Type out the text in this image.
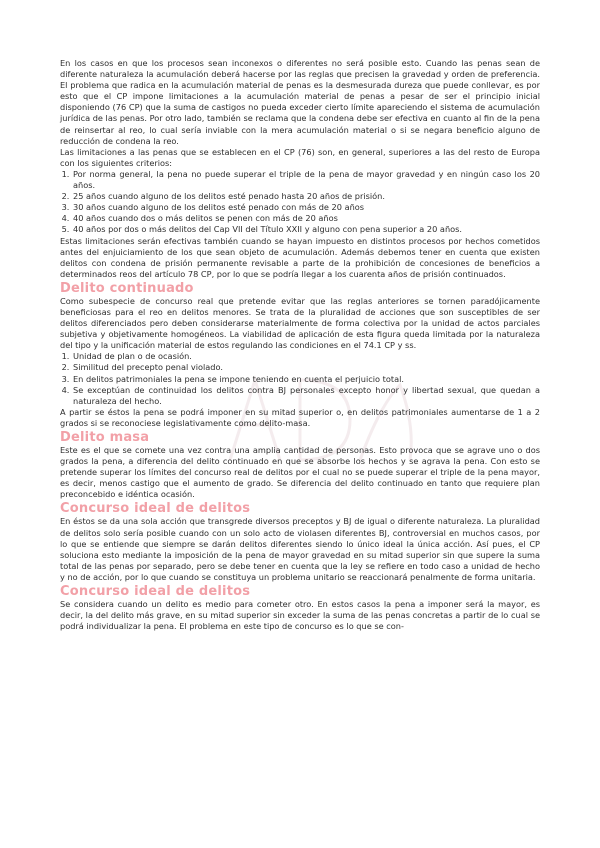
En los casos en que los procesos sean inconexos o diferentes no será posible esto. Cuando las penas sean de diferente naturaleza la acumulación deberá hacerse por las reglas que precisen la gravedad y orden de preferencia. El problema que radica en la acumulación material de penas es la desmesurada dureza que puede conllevar, es por esto que el CP impone limitaciones a la acumulación material de penas a pesar de ser el principio inicial disponiendo (76 CP) que la suma de castigos no pueda exceder cierto límite apareciendo el sistema de acumulación jurídica de las penas. Por otro lado, también se reclama que la condena debe ser efectiva en cuanto al fin de la pena de reinsertar al reo, lo cual sería inviable con la mera acumulación material o si se negara beneficio alguno de reducción de condena la reo.

Las limitaciones a las penas que se establecen en el CP (76) son, en general, superiores a las del resto de Europa con los siguientes criterios:

1. Por norma general, la pena no puede superar el triple de la pena de mayor gravedad y en ningún caso los 20 años.
2. 25 años cuando alguno de los delitos esté penado hasta 20 años de prisión.
3. 30 años cuando alguno de los delitos esté penado con más de 20 años
4. 40 años cuando dos o más delitos se penen con más de 20 años
5. 40 años por dos o más delitos del Cap VII del Título XXII y alguno con pena superior a 20 años.

Estas limitaciones serán efectivas también cuando se hayan impuesto en distintos procesos por hechos cometidos antes del enjuiciamiento de los que sean objeto de acumulación. Además debemos tener en cuenta que existen delitos con condena de prisión permanente revisable a parte de la prohibición de concesiones de beneficios a determinados reos del artículo 78 CP, por lo que se podría llegar a los cuarenta años de prisión continuados.

Delito continuado

Como subespecie de concurso real que pretende evitar que las reglas anteriores se tornen paradójicamente beneficiosas para el reo en delitos menores. Se trata de la pluralidad de acciones que son susceptibles de ser delitos diferenciados pero deben considerarse materialmente de forma colectiva por la unidad de actos parciales subjetiva y objetivamente homogéneos. La viabilidad de aplicación de esta figura queda limitada por la naturaleza del tipo y la unificación material de estos regulando las condiciones en el 74.1 CP y ss.

1. Unidad de plan o de ocasión.
2. Similitud del precepto penal violado.
3. En delitos patrimoniales la pena se impone teniendo en cuenta el perjuicio total.
4. Se exceptúan de continuidad los delitos contra BJ personales excepto honor y libertad sexual, que quedan a naturaleza del hecho.

A partir se éstos la pena se podrá imponer en su mitad superior o, en delitos patrimoniales aumentarse de 1 a 2 grados si se reconociese legislativamente como delito-masa.

Delito masa

Este es el que se comete una vez contra una amplia cantidad de personas. Esto provoca que se agrave uno o dos grados la pena, a diferencia del delito continuado en que se absorbe los hechos y se agrava la pena. Con esto se pretende superar los límites del concurso real de delitos por el cual no se puede superar el triple de la pena mayor, es decir, menos castigo que el aumento de grado. Se diferencia del delito continuado en tanto que requiere plan preconcebido e idéntica ocasión.

Concurso ideal de delitos

En éstos se da una sola acción que transgrede diversos preceptos y BJ de igual o diferente naturaleza. La pluralidad de delitos solo sería posible cuando con un solo acto de violasen diferentes BJ, controversial en muchos casos, por lo que se entiende que siempre se darán delitos diferentes siendo lo único ideal la única acción. Así pues, el CP soluciona esto mediante la imposición de la pena de mayor gravedad en su mitad superior sin que supere la suma total de las penas por separado, pero se debe tener en cuenta que la ley se refiere en todo caso a unidad de hecho y no de acción, por lo que cuando se constituya un problema unitario se reaccionará penalmente de forma unitaria.

Concurso ideal de delitos

Se considera cuando un delito es medio para cometer otro. En estos casos la pena a imponer será la mayor, es decir, la del delito más grave, en su mitad superior sin exceder la suma de las penas concretas a partir de lo cual se podrá individualizar la pena. El problema en este tipo de concurso es lo que se con-
